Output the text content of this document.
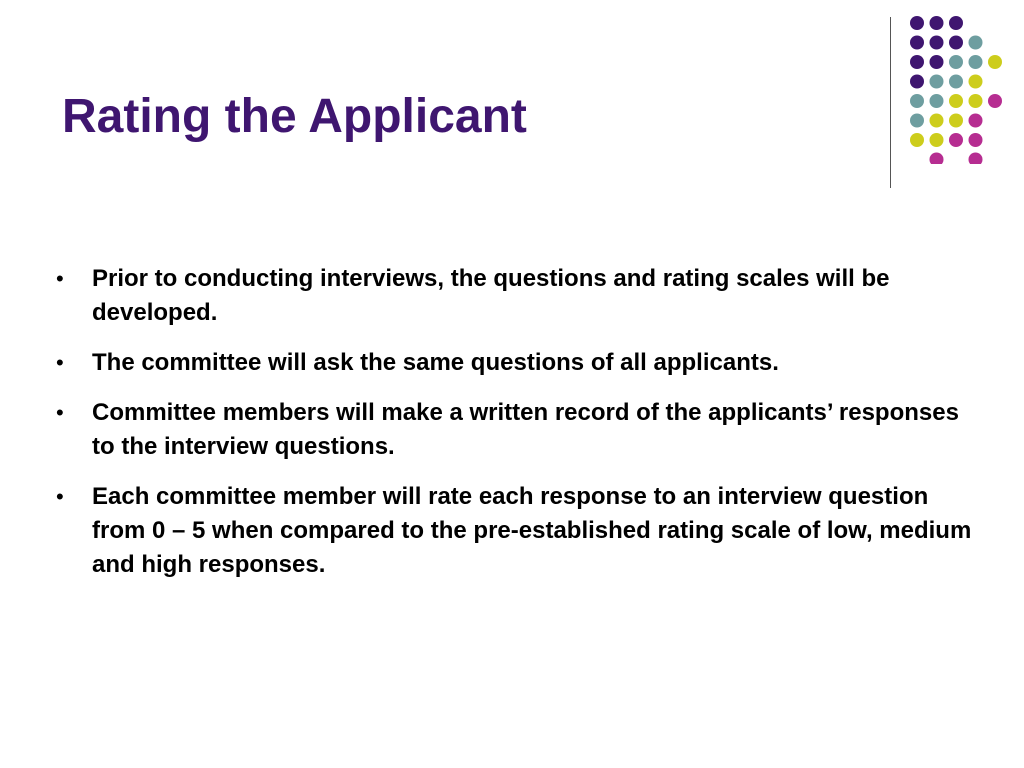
Rating the Applicant
• Prior to conducting interviews, the questions and rating scales will be developed.
• The committee will ask the same questions of all applicants.
• Committee members will make a written record of the applicants’ responses to the interview questions.
• Each committee member will rate each response to an interview question from 0 – 5 when compared to the pre-established rating scale of low, medium and high responses.
